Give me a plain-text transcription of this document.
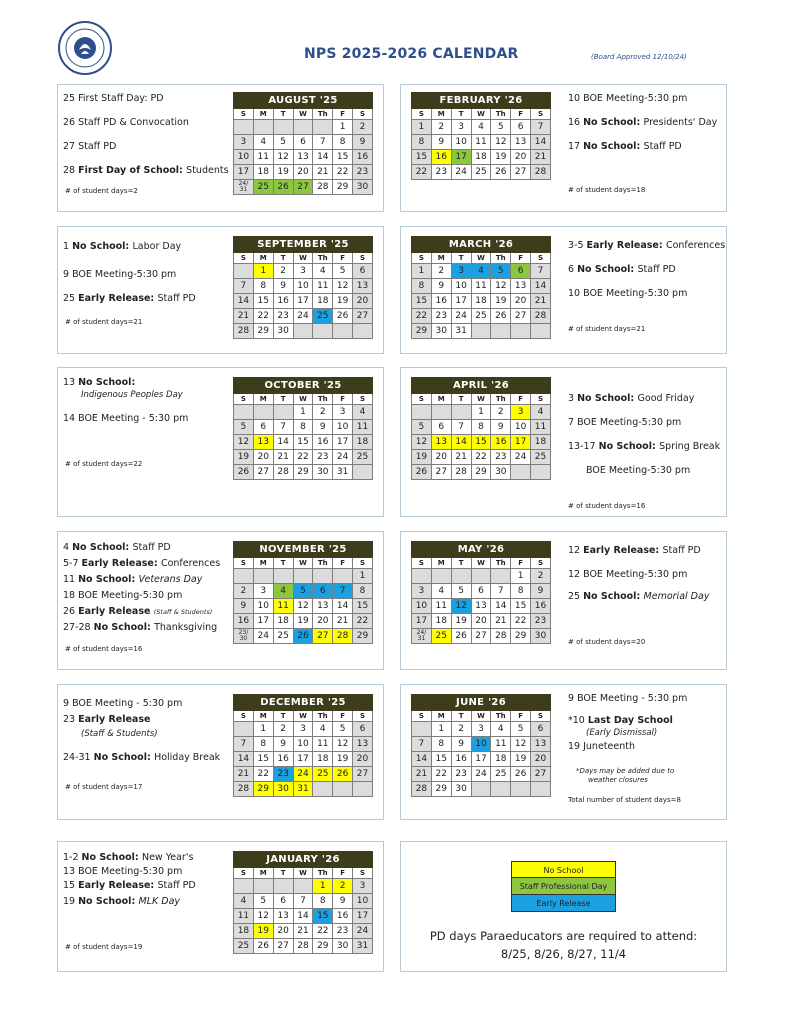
NPS 2025-2026 CALENDAR	(Board Approved 12/10/24)
AUGUST '25						
S	M	T	W	Th	F	S
					1	2
3	4	5	6	7	8	9
10	11	12	13	14	15	16
17	18	19	20	21	22	23
24/
31	25	26	27	28	29	30
SEPTEMBER '25						
S	M	T	W	Th	F	S
	1	2	3	4	5	6
7	8	9	10	11	12	13
14	15	16	17	18	19	20
21	22	23	24	25	26	27
28	29	30				
OCTOBER '25						
S	M	T	W	Th	F	S
			1	2	3	4
5	6	7	8	9	10	11
12	13	14	15	16	17	18
19	20	21	22	23	24	25
26	27	28	29	30	31	
NOVEMBER '25						
S	M	T	W	Th	F	S
						1
2	3	4	5	6	7	8
9	10	11	12	13	14	15
16	17	18	19	20	21	22
23/
30	24	25	26	27	28	29
DECEMBER '25						
S	M	T	W	Th	F	S
	1	2	3	4	5	6
7	8	9	10	11	12	13
14	15	16	17	18	19	20
21	22	23	24	25	26	27
28	29	30	31			
JANUARY '26						
S	M	T	W	Th	F	S
				1	2	3
4	5	6	7	8	9	10
11	12	13	14	15	16	17
18	19	20	21	22	23	24
25	26	27	28	29	30	31
FEBRUARY '26						
S	M	T	W	Th	F	S
1	2	3	4	5	6	7
8	9	10	11	12	13	14
15	16	17	18	19	20	21
22	23	24	25	26	27	28
MARCH '26						
S	M	T	W	Th	F	S
1	2	3	4	5	6	7
8	9	10	11	12	13	14
15	16	17	18	19	20	21
22	23	24	25	26	27	28
29	30	31				
APRIL '26						
S	M	T	W	Th	F	S
			1	2	3	4
5	6	7	8	9	10	11
12	13	14	15	16	17	18
19	20	21	22	23	24	25
26	27	28	29	30		
MAY '26						
S	M	T	W	Th	F	S
					1	2
3	4	5	6	7	8	9
10	11	12	13	14	15	16
17	18	19	20	21	22	23
24/
31	25	26	27	28	29	30
JUNE '26						
S	M	T	W	Th	F	S
	1	2	3	4	5	6
7	8	9	10	11	12	13
14	15	16	17	18	19	20
21	22	23	24	25	26	27
28	29	30				
25 First Staff Day: PD
26 Staff PD & Convocation
27 Staff PD
28 First Day of School: Students
1 No School: Labor Day
9 BOE Meeting-5:30 pm
25 Early Release: Staff PD
13 No School:
Indigenous Peoples Day
14 BOE Meeting - 5:30 pm
4 No School: Staff PD
5-7 Early Release: Conferences
11 No School: Veterans Day
18 BOE Meeting-5:30 pm
26 Early Release (Staff & Students)
27-28 No School: Thanksgiving
9 BOE Meeting - 5:30 pm
23 Early Release
(Staff & Students)
24-31 No School: Holiday Break
1-2 No School: New Year's
13 BOE Meeting-5:30 pm
15 Early Release: Staff PD
19 No School: MLK Day
10 BOE Meeting-5:30 pm
16 No School: Presidents' Day
17 No School: Staff PD
3-5 Early Release: Conferences
6 No School: Staff PD
10 BOE Meeting-5:30 pm
3 No School: Good Friday
7 BOE Meeting-5:30 pm
13-17 No School: Spring Break
BOE Meeting-5:30 pm
12 Early Release: Staff PD
12 BOE Meeting-5:30 pm
25 No School: Memorial Day
9 BOE Meeting - 5:30 pm
*10 Last Day School
(Early Dismissal)
19 Juneteenth
# of student days=2
# of student days=21
# of student days=22
# of student days=16
# of student days=17
# of student days=19
# of student days=18
# of student days=21
# of student days=16
# of student days=20
*Days may be added due to
weather closures
Total number of student days=8
No School
Staff Professional Day
Early Release
PD days Paraeducators are required to attend:
8/25, 8/26, 8/27, 11/4
